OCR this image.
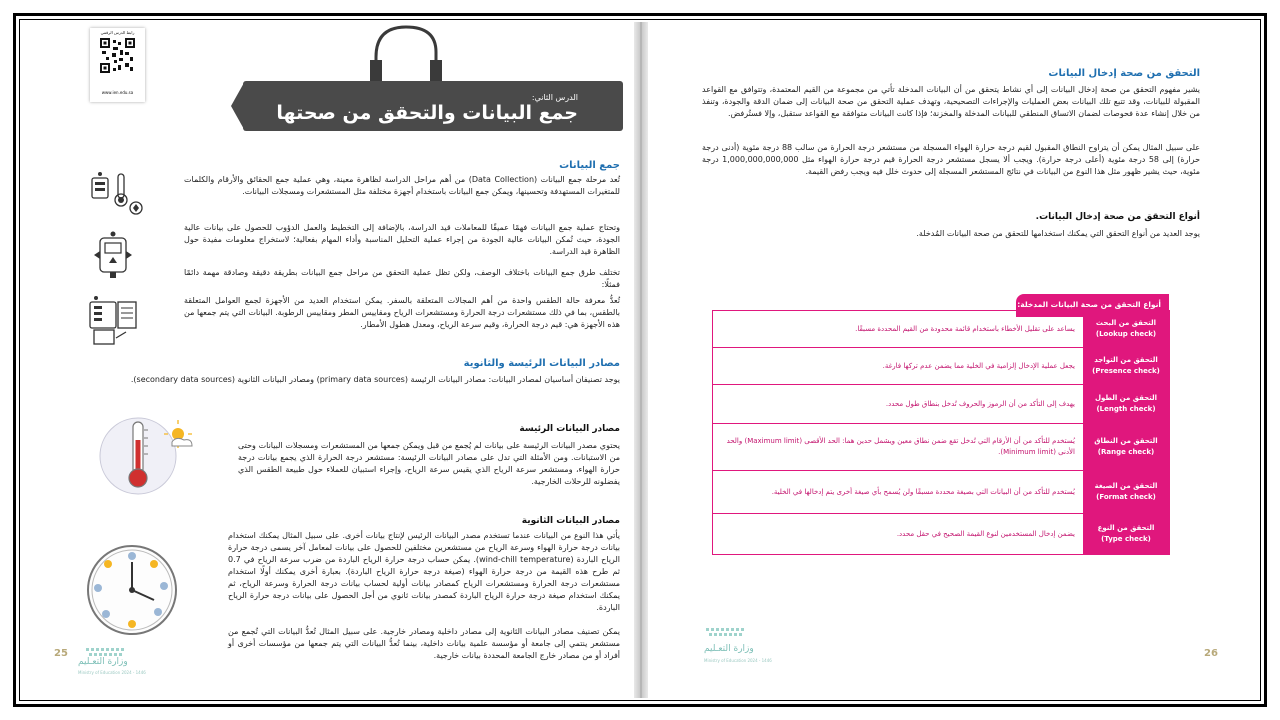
رابط الدرس الرقمي
www.ien.edu.sa
الدرس الثاني:
جمع البيانات والتحقق من صحتها
جمع البيانات

تُعد مرحلة جمع البيانات (Data Collection) من أهم مراحل الدراسة لظاهرة معينة، وهي عملية جمع الحقائق والأرقام والكلمات للمتغيرات المستهدفة وتحسينها، ويمكن جمع البيانات باستخدام أجهزة مختلفة مثل المستشعرات ومسجلات البيانات.

وتحتاج عملية جمع البيانات فهمًا عميقًا للمعاملات قيد الدراسة، بالإضافة إلى التخطيط والعمل الدؤوب للحصول على بيانات عالية الجودة، حيث تُمكن البيانات عالية الجودة من إجراء عملية التحليل المناسبة وأداء المهام بفعالية؛ لاستخراج معلومات مفيدة حول الظاهرة قيد الدراسة.

تختلف طرق جمع البيانات باختلاف الوصف، ولكن تظل عملية التحقق من مراحل جمع البيانات بطريقة دقيقة وصادقة مهمة دائمًا فمثلًا:

تُعدُّ معرفة حالة الطقس واحدة من أهم المجالات المتعلقة بالسفر. يمكن استخدام العديد من الأجهزة لجمع العوامل المتعلقة بالطقس، بما في ذلك مستشعرات درجة الحرارة ومستشعرات الرياح ومقاييس المطر ومقاييس الرطوبة. البيانات التي يتم جمعها من هذه الأجهزة هي: قيم درجة الحرارة، وقيم سرعة الرياح، ومعدل هطول الأمطار.

مصادر البيانات الرئيسة والثانوية

يوجد تصنيفان أساسيان لمصادر البيانات: مصادر البيانات الرئيسة (primary data sources) ومصادر البيانات الثانوية (secondary data sources).

مصادر البيانات الرئيسة

يحتوي مصدر البيانات الرئيسة على بيانات لم يُجمع من قبل ويمكن جمعها من المستشعرات ومسجلات البيانات وحتى من الاستبانات. ومن الأمثلة التي تدل على مصادر البيانات الرئيسة: مستشعر درجة الحرارة الذي يجمع بيانات درجة حرارة الهواء، ومستشعر سرعة الرياح الذي يقيس سرعة الرياح، وإجراء استبيان للعملاء حول طبيعة الطقس الذي يفضلونه للرحلات الخارجية.

مصادر البيانات الثانوية

يأتي هذا النوع من البيانات عندما تستخدم مصدر البيانات الرئيس لإنتاج بيانات أخرى. على سبيل المثال يمكنك استخدام بيانات درجة حرارة الهواء وسرعة الرياح من مستشعرين مختلفين للحصول على بيانات لمعامل آخر يسمى درجة حرارة الرياح الباردة (wind-chill temperature). يمكن حساب درجة حرارة الرياح الباردة من ضرب سرعة الرياح في 0.7 ثم طرح هذه القيمة من درجة حرارة الهواء (صيغة درجة حرارة الرياح الباردة). بعبارة أخرى يمكنك أولًا استخدام مستشعرات درجة الحرارة ومستشعرات الرياح كمصادر بيانات أولية لحساب بيانات درجة الحرارة وسرعة الرياح، ثم يمكنك استخدام صيغة درجة حرارة الرياح الباردة كمصدر بيانات ثانوي من أجل الحصول على بيانات درجة حرارة الرياح الباردة.

يمكن تصنيف مصادر البيانات الثانوية إلى مصادر داخلية ومصادر خارجية. على سبيل المثال تُعدُّ البيانات التي تُجمع من مستشعر ينتمي إلى جامعة أو مؤسسة علمية بيانات داخلية، بينما تُعدُّ البيانات التي يتم جمعها من مؤسسات أخرى أو أفراد أو من مصادر خارج الجامعة المحددة بيانات خارجية.

25
وزارة التعـليم
Ministry of Education 2024 - 1446
التحقق من صحة إدخال البيانات

يشير مفهوم التحقق من صحة إدخال البيانات إلى أي نشاط يتحقق من أن البيانات المدخلة تأتي من مجموعة من القيم المعتمدة، وتتوافق مع القواعد المقبولة للبيانات، وقد تتبع تلك البيانات بعض العمليات والإجراءات التصحيحية، وتهدف عملية التحقق من صحة البيانات إلى ضمان الدقة والجودة، وتنفذ من خلال إنشاء عدة فحوصات لضمان الاتساق المنطقي للبيانات المدخلة والمخزنة؛ فإذا كانت البيانات متوافقة مع القواعد ستقبل، وإلا فستُرفض.

على سبيل المثال يمكن أن يتراوح النطاق المقبول لقيم درجة حرارة الهواء المسجلة من مستشعر درجة الحرارة من سالب 88 درجة مئوية (أدنى درجة حرارة) إلى 58 درجة مئوية (أعلى درجة حرارة). ويجب ألا يسجل مستشعر درجة الحرارة قيم درجة حرارة الهواء مثل 1,000,000,000,000 درجة مئوية، حيث يشير ظهور مثل هذا النوع من البيانات في نتائج المستشعر المسجلة إلى حدوث خلل فيه ويجب رفض القيمة.

أنواع التحقق من صحة إدخال البيانات.

يوجد العديد من أنواع التحقق التي يمكنك استخدامها للتحقق من صحة البيانات المُدخلة.

أنواع التحقق من صحة البيانات المدخلة:
التحقق من البحث
(Lookup check)
يساعد على تقليل الأخطاء باستخدام قائمة محدودة من القيم المحددة مسبقًا.
التحقق من التواجد
(Presence check)
يجعل عملية الإدخال إلزامية في الخلية مما يضمن عدم تركها فارغة.
التحقق من الطول
(Length check)
يهدف إلى التأكد من أن الرموز والحروف تُدخل بنطاق طول محدد.
التحقق من النطاق
(Range check)
يُستخدم للتأكد من أن الأرقام التي تُدخل تقع ضمن نطاق معين ويشمل حدين هما: الحد الأقصى (Maximum limit) والحد الأدنى (Minimum limit).
التحقق من الصيغة
(Format check)
يُستخدم للتأكد من أن البيانات التي بصيغة محددة مسبقًا ولن يُسمح بأي صيغة أخرى يتم إدخالها في الخلية.
التحقق من النوع
(Type check)
يضمن إدخال المستخدمين لنوع القيمة الصحيح في حقل محدد.
وزارة التعـليم
Ministry of Education 2024 - 1446
26
